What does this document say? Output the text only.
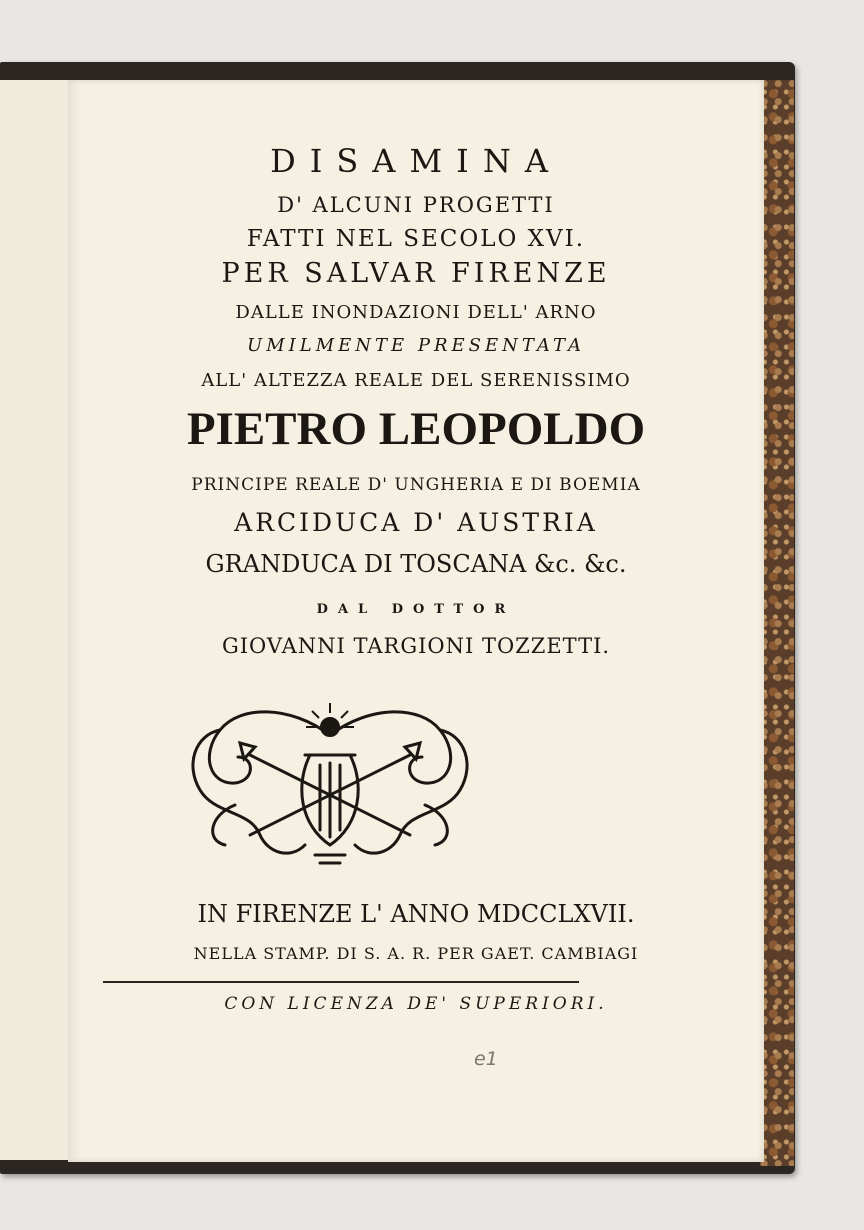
DISAMINA
D' ALCUNI PROGETTI
FATTI NEL SECOLO XVI.
PER SALVAR FIRENZE
DALLE INONDAZIONI DELL' ARNO
UMILMENTE PRESENTATA
ALL' ALTEZZA REALE DEL SERENISSIMO
PIETRO LEOPOLDO
PRINCIPE REALE D' UNGHERIA E DI BOEMIA
ARCIDUCA D' AUSTRIA
GRANDUCA DI TOSCANA &c. &c.
DAL DOTTOR
GIOVANNI TARGIONI TOZZETTI.
IN FIRENZE L' ANNO MDCCLXVII.
NELLA STAMP. DI S. A. R. PER GAET. CAMBIAGI
CON LICENZA DE' SUPERIORI.
e1
